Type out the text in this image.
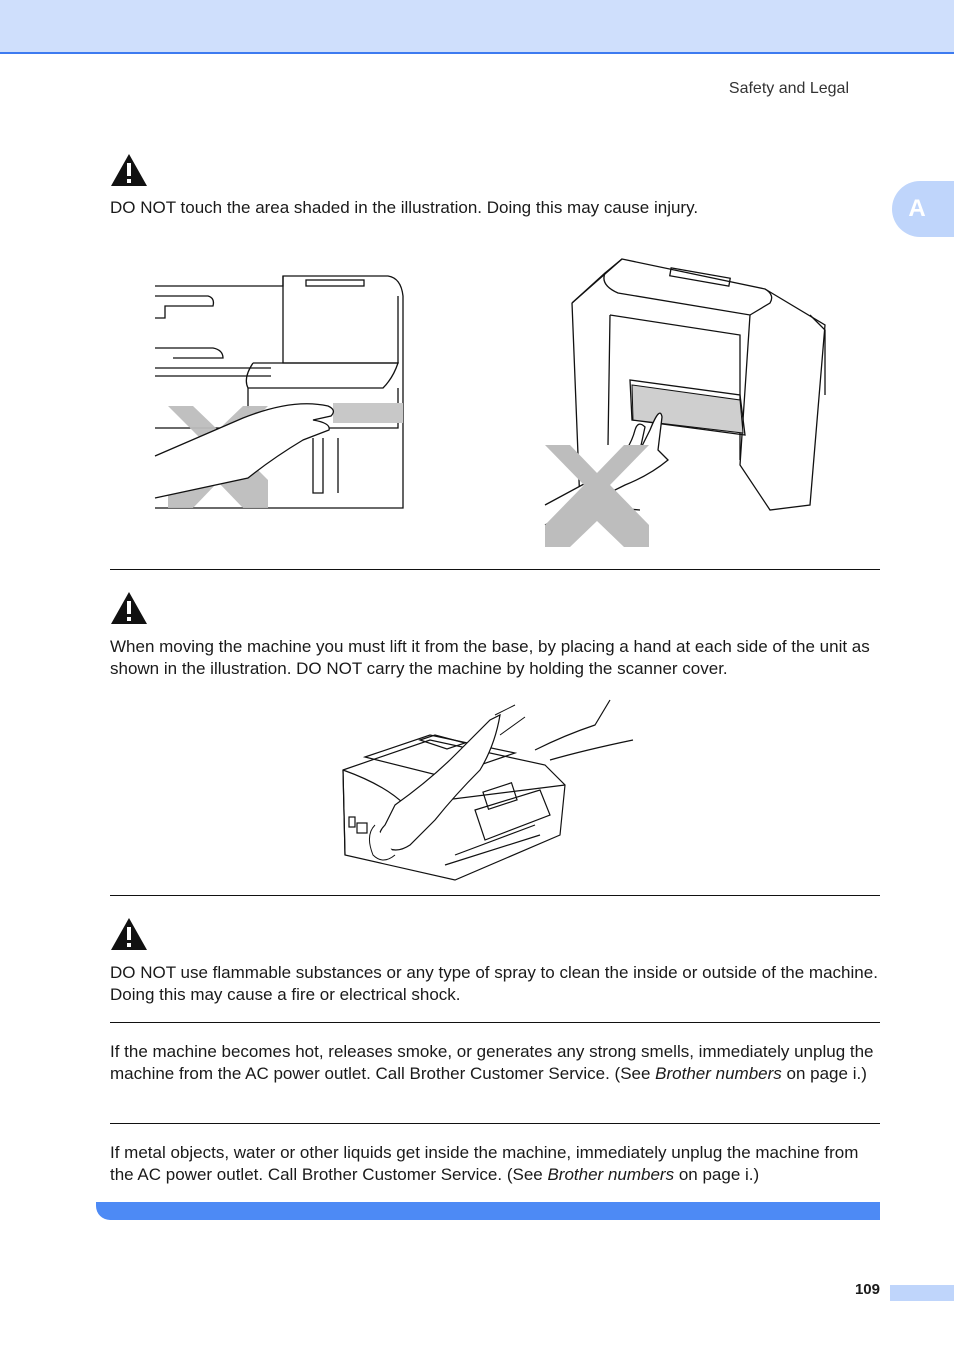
Safety and Legal
A
DO NOT touch the area shaded in the illustration. Doing this may cause injury.
When moving the machine you must lift it from the base, by placing a hand at each side of the unit as shown in the illustration. DO NOT carry the machine by holding the scanner cover.
DO NOT use flammable substances or any type of spray to clean the inside or outside of the machine. Doing this may cause a fire or electrical shock.
If the machine becomes hot, releases smoke, or generates any strong smells, immediately unplug the machine from the AC power outlet. Call Brother Customer Service. (See Brother numbers on page i.)
If metal objects, water or other liquids get inside the machine, immediately unplug the machine from the AC power outlet. Call Brother Customer Service. (See Brother numbers on page i.)
109
